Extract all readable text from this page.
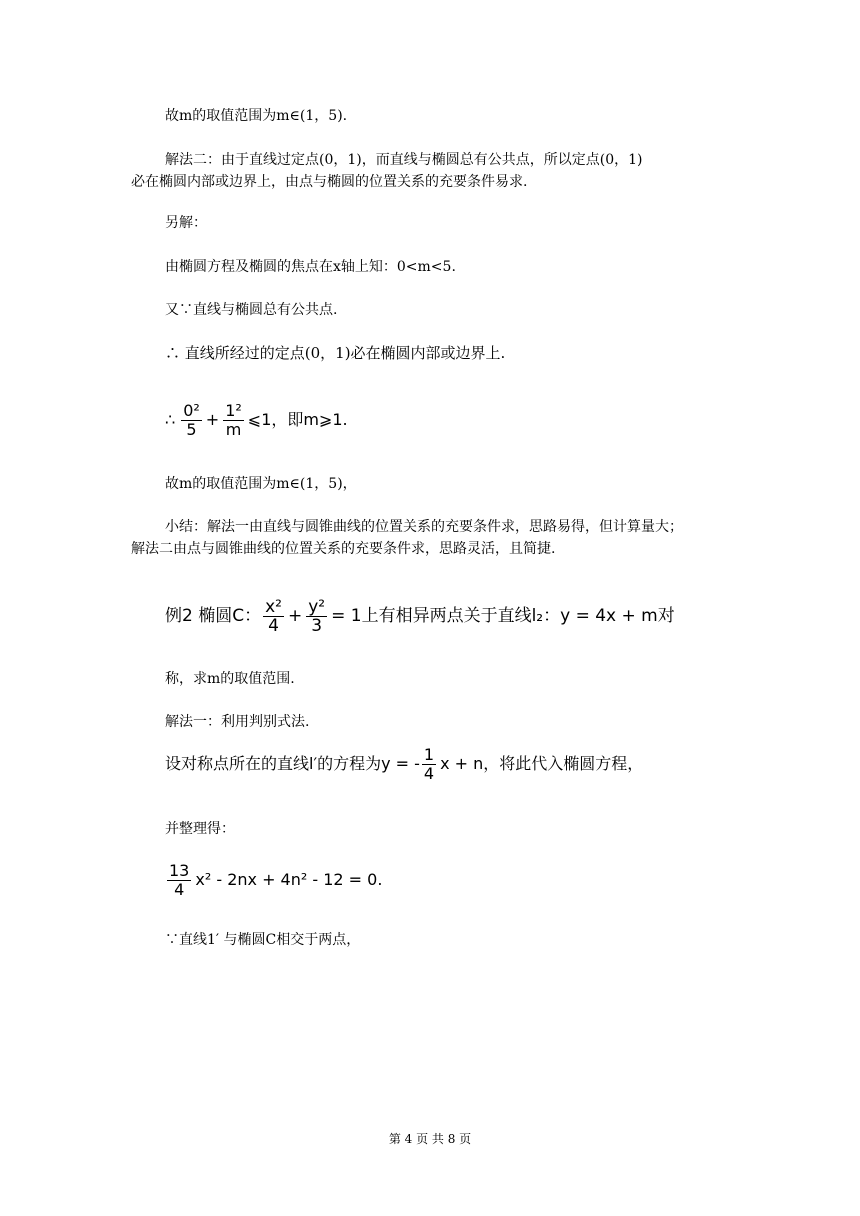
故m的取值范围为m∈(1，5).
解法二：由于直线过定点(0，1)，而直线与椭圆总有公共点，所以定点(0，1)
必在椭圆内部或边界上，由点与椭圆的位置关系的充要条件易求.
另解：
由椭圆方程及椭圆的焦点在x轴上知：0<m<5.
又∵直线与椭圆总有公共点.
∴ 直线所经过的定点(0，1)必在椭圆内部或边界上.
∴ $\frac{\text{0²}}{5} + \frac{\text{1²}}{m}$ ⩽1，即m⩾1.
故m的取值范围为m∈(1，5)，
小结：解法一由直线与圆锥曲线的位置关系的充要条件求，思路易得，但计算量大；
解法二由点与圆锥曲线的位置关系的充要条件求，思路灵活，且简捷.
例2 椭圆C： $\frac{\text{x²}}{4} + \frac{\text{y²}}{3} = 1$上有相异两点关于直线l₂：y = 4x + m对
称，求m的取值范围.
解法一：利用判别式法.
设对称点所在的直线l′的方程为y = - $\frac{1}{4}$ x + n，将此代入椭圆方程，
并整理得：
$\frac{13}{4} x^2 - 2nx + 4n^2 - 12 = 0$.
∵直线1′ 与椭圆C相交于两点，
第 4 页 共 8 页
